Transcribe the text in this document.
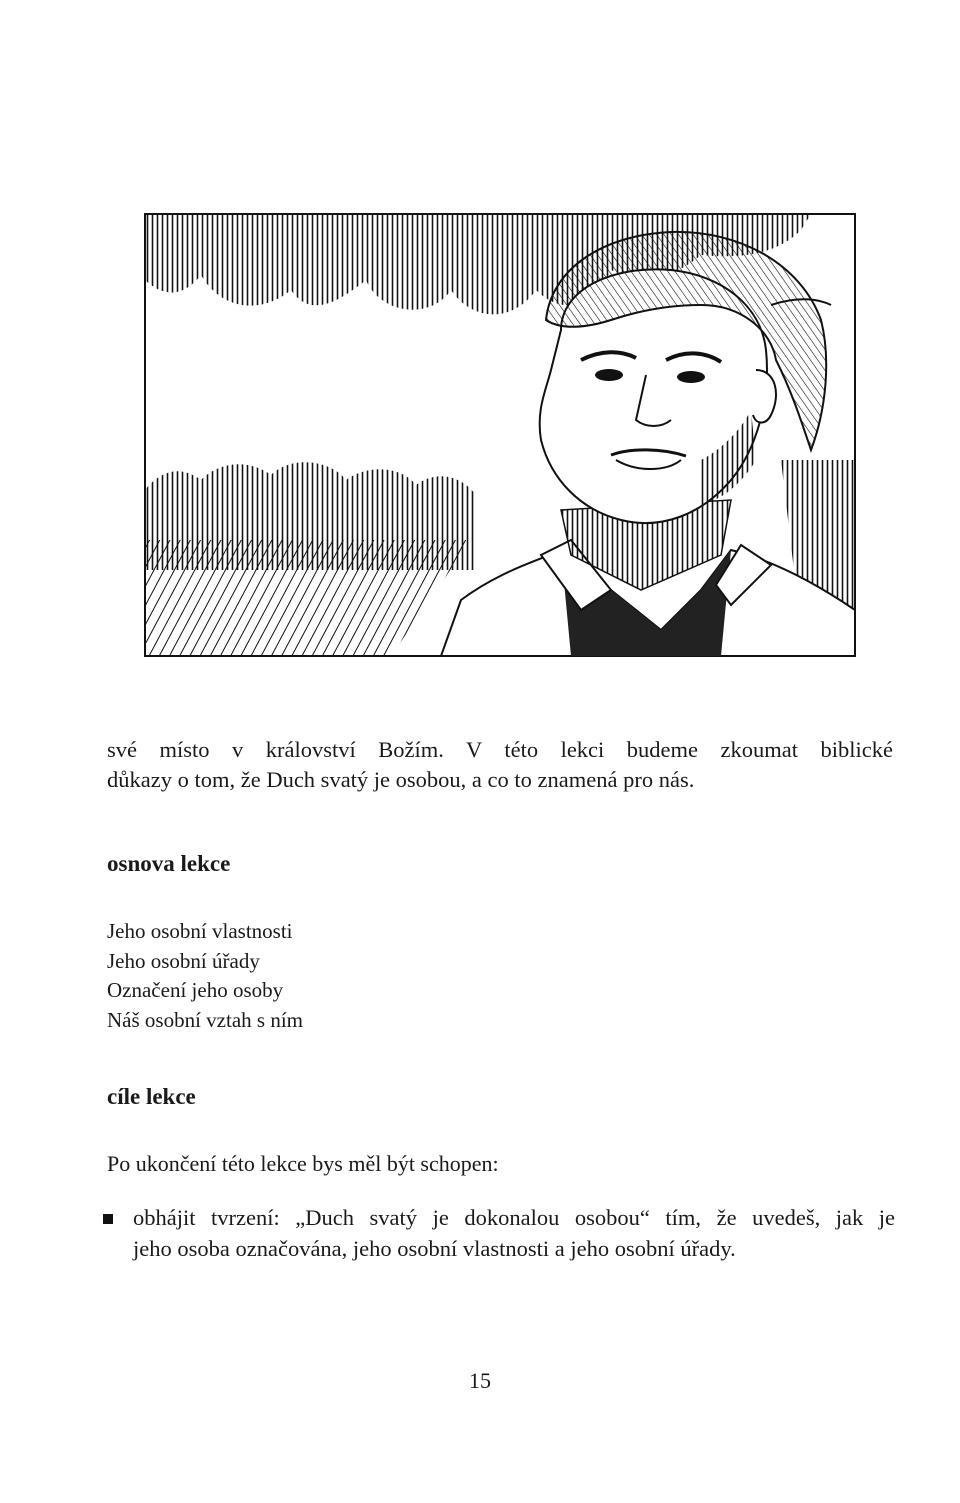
své místo v království Božím. V této lekci budeme zkoumat biblické
důkazy o tom, že Duch svatý je osobou, a co to znamená pro nás.
osnova lekce
Jeho osobní vlastnosti
Jeho osobní úřady
Označení jeho osoby
Náš osobní vztah s ním
cíle lekce

Po ukončení této lekce bys měl být schopen:

obhájit tvrzení: „Duch svatý je dokonalou osobou“ tím, že uvedeš, jak je
jeho osoba označována, jeho osobní vlastnosti a jeho osobní úřady.
15
